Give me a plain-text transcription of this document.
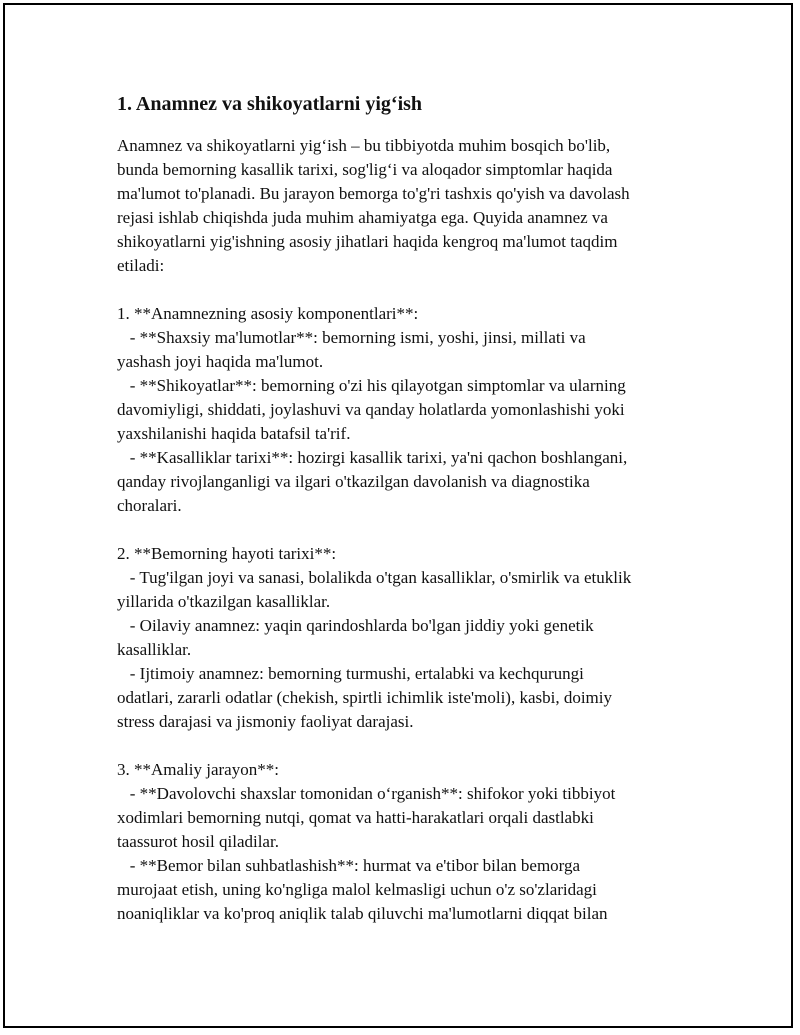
1. Anamnez va shikoyatlarni yig‘ish
Anamnez va shikoyatlarni yig‘ish – bu tibbiyotda muhim bosqich bo'lib,
bunda bemorning kasallik tarixi, sog'lig‘i va aloqador simptomlar haqida
ma'lumot to'planadi. Bu jarayon bemorga to'g'ri tashxis qo'yish va davolash
rejasi ishlab chiqishda juda muhim ahamiyatga ega. Quyida anamnez va
shikoyatlarni yig'ishning asosiy jihatlari haqida kengroq ma'lumot taqdim
etiladi:
1. **Anamnezning asosiy komponentlari**:
- **Shaxsiy ma'lumotlar**: bemorning ismi, yoshi, jinsi, millati va
yashash joyi haqida ma'lumot.
- **Shikoyatlar**: bemorning o'zi his qilayotgan simptomlar va ularning
davomiyligi, shiddati, joylashuvi va qanday holatlarda yomonlashishi yoki
yaxshilanishi haqida batafsil ta'rif.
- **Kasalliklar tarixi**: hozirgi kasallik tarixi, ya'ni qachon boshlangani,
qanday rivojlanganligi va ilgari o'tkazilgan davolanish va diagnostika
choralari.
2. **Bemorning hayoti tarixi**:
- Tug'ilgan joyi va sanasi, bolalikda o'tgan kasalliklar, o'smirlik va etuklik
yillarida o'tkazilgan kasalliklar.
- Oilaviy anamnez: yaqin qarindoshlarda bo'lgan jiddiy yoki genetik
kasalliklar.
- Ijtimoiy anamnez: bemorning turmushi, ertalabki va kechqurungi
odatlari, zararli odatlar (chekish, spirtli ichimlik iste'moli), kasbi, doimiy
stress darajasi va jismoniy faoliyat darajasi.
3. **Amaliy jarayon**:
- **Davolovchi shaxslar tomonidan o‘rganish**: shifokor yoki tibbiyot
xodimlari bemorning nutqi, qomat va hatti-harakatlari orqali dastlabki
taassurot hosil qiladilar.
- **Bemor bilan suhbatlashish**: hurmat va e'tibor bilan bemorga
murojaat etish, uning ko'ngliga malol kelmasligi uchun o'z so'zlaridagi
noaniqliklar va ko'proq aniqlik talab qiluvchi ma'lumotlarni diqqat bilan
